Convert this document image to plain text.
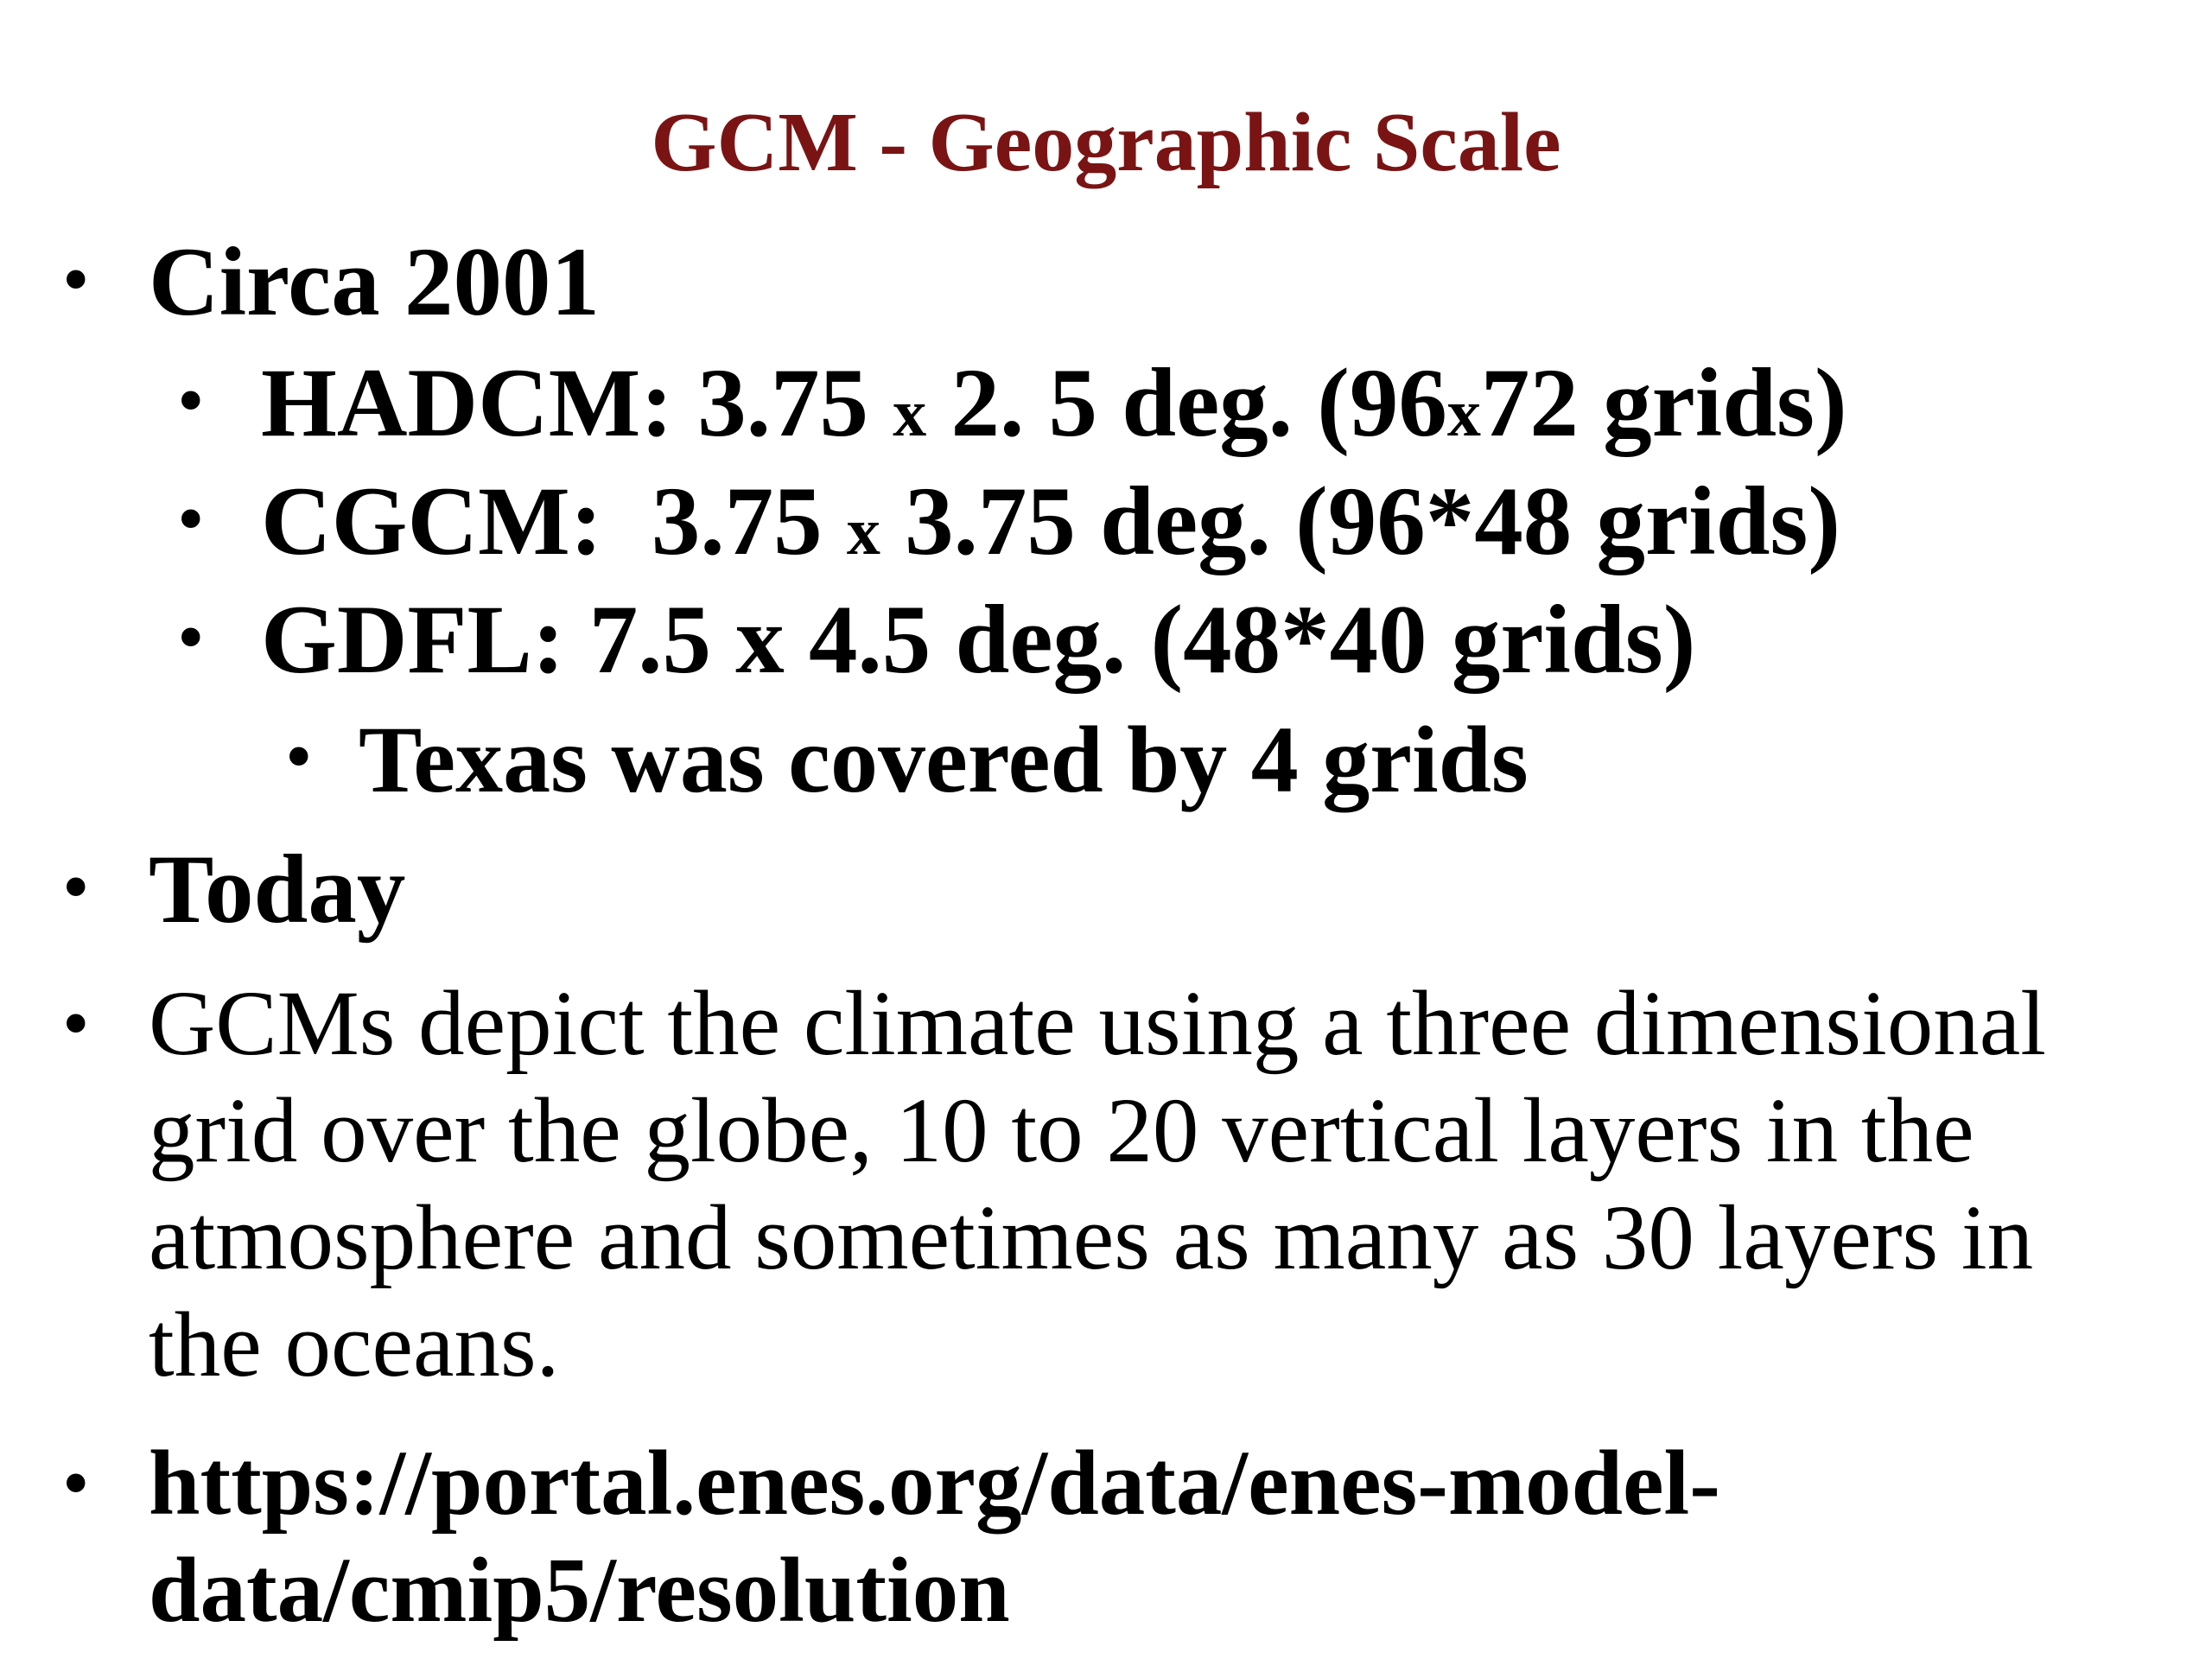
GCM - Geographic Scale
• Circa 2001
• HADCM: 3.75 x 2. 5 deg. (96x72 grids)
• CGCM:  3.75 x 3.75 deg. (96*48 grids)
• GDFL: 7.5 x 4.5 deg. (48*40 grids)
• Texas was covered by 4 grids
• Today
• GCMs depict the climate using a three dimensional grid over the globe, 10 to 20 vertical layers in the atmosphere and sometimes as many as 30 layers in the oceans.
• https://portal.enes.org/data/enes-model-
data/cmip5/resolution
